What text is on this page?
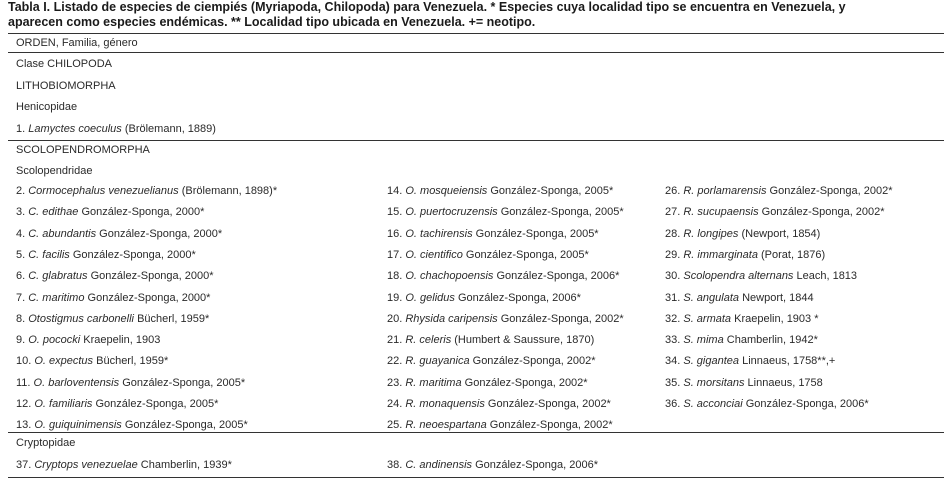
Tabla I. Listado de especies de ciempiés (Myriapoda, Chilopoda) para Venezuela. * Especies cuya localidad tipo se encuentra en Venezuela, y
aparecen como especies endémicas. ** Localidad tipo ubicada en Venezuela. += neotipo.
ORDEN, Familia, género
Clase CHILOPODA
LITHOBIOMORPHA
Henicopidae
1. Lamyctes coeculus (Brölemann, 1889)
SCOLOPENDROMORPHA
Scolopendridae
2. Cormocephalus venezuelianus (Brölemann, 1898)*
3. C. edithae González-Sponga, 2000*
4. C. abundantis González-Sponga, 2000*
5. C. facilis González-Sponga, 2000*
6. C. glabratus González-Sponga, 2000*
7. C. maritimo González-Sponga, 2000*
8. Otostigmus carbonelli Bücherl, 1959*
9. O. pococki Kraepelin, 1903
10. O. expectus Bücherl, 1959*
11. O. barloventensis González-Sponga, 2005*
12. O. familiaris González-Sponga, 2005*
13. O. guiquinimensis González-Sponga, 2005*
14. O. mosqueiensis González-Sponga, 2005*
15. O. puertocruzensis González-Sponga, 2005*
16. O. tachirensis González-Sponga, 2005*
17. O. cientifico González-Sponga, 2005*
18. O. chachopoensis González-Sponga, 2006*
19. O. gelidus González-Sponga, 2006*
20. Rhysida caripensis González-Sponga, 2002*
21. R. celeris (Humbert & Saussure, 1870)
22. R. guayanica González-Sponga, 2002*
23. R. maritima González-Sponga, 2002*
24. R. monaquensis González-Sponga, 2002*
25. R. neoespartana González-Sponga, 2002*
26. R. porlamarensis González-Sponga, 2002*
27. R. sucupaensis González-Sponga, 2002*
28. R. longipes (Newport, 1854)
29. R. immarginata (Porat, 1876)
30. Scolopendra alternans Leach, 1813
31. S. angulata Newport, 1844
32. S. armata Kraepelin, 1903 *
33. S. mima Chamberlin, 1942*
34. S. gigantea Linnaeus, 1758**,+
35. S. morsitans Linnaeus, 1758
36. S. acconciai González-Sponga, 2006*
37. Cryptops venezuelae Chamberlin, 1939*	38. C. andinensis González-Sponga, 2006*
Cryptopidae
